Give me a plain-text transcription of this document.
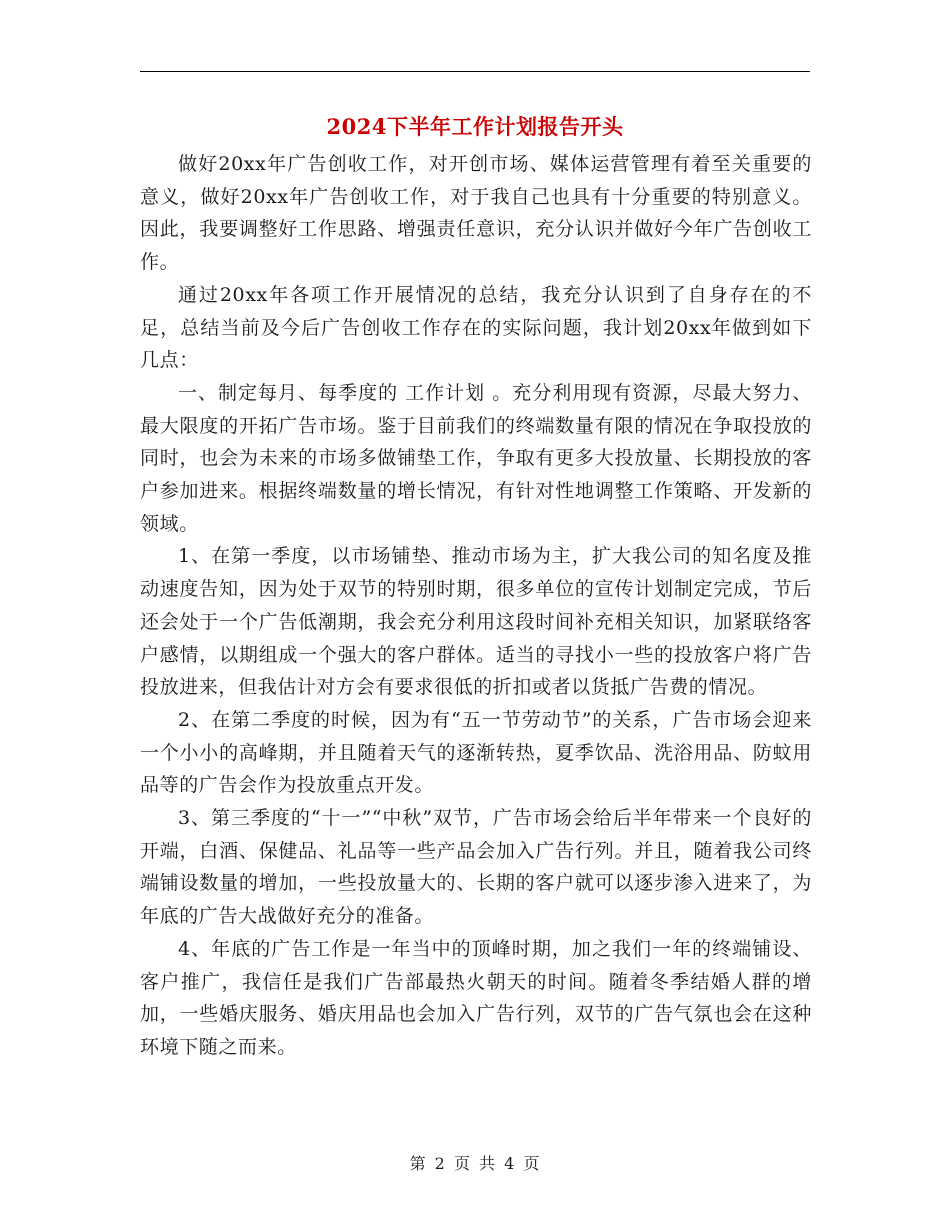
2024下半年工作计划报告开头

做好20xx年广告创收工作，对开创市场、媒体运营管理有着至关重要的意义，做好20xx年广告创收工作，对于我自己也具有十分重要的特别意义。因此，我要调整好工作思路、增强责任意识，充分认识并做好今年广告创收工作。

通过20xx年各项工作开展情况的总结，我充分认识到了自身存在的不足，总结当前及今后广告创收工作存在的实际问题，我计划20xx年做到如下几点：

一、制定每月、每季度的 工作计划 。充分利用现有资源，尽最大努力、最大限度的开拓广告市场。鉴于目前我们的终端数量有限的情况在争取投放的同时，也会为未来的市场多做铺垫工作，争取有更多大投放量、长期投放的客户参加进来。根据终端数量的增长情况，有针对性地调整工作策略、开发新的领域。

1、在第一季度，以市场铺垫、推动市场为主，扩大我公司的知名度及推动速度告知，因为处于双节的特别时期，很多单位的宣传计划制定完成，节后还会处于一个广告低潮期，我会充分利用这段时间补充相关知识，加紧联络客户感情，以期组成一个强大的客户群体。适当的寻找小一些的投放客户将广告投放进来，但我估计对方会有要求很低的折扣或者以货抵广告费的情况。

2、在第二季度的时候，因为有“五一节劳动节”的关系，广告市场会迎来一个小小的高峰期，并且随着天气的逐渐转热，夏季饮品、洗浴用品、防蚊用品等的广告会作为投放重点开发。

3、第三季度的“十一”“中秋”双节，广告市场会给后半年带来一个良好的开端，白酒、保健品、礼品等一些产品会加入广告行列。并且，随着我公司终端铺设数量的增加，一些投放量大的、长期的客户就可以逐步渗入进来了，为年底的广告大战做好充分的准备。

4、年底的广告工作是一年当中的顶峰时期，加之我们一年的终端铺设、客户推广，我信任是我们广告部最热火朝天的时间。随着冬季结婚人群的增加，一些婚庆服务、婚庆用品也会加入广告行列，双节的广告气氛也会在这种环境下随之而来。

第 2 页 共 4 页
